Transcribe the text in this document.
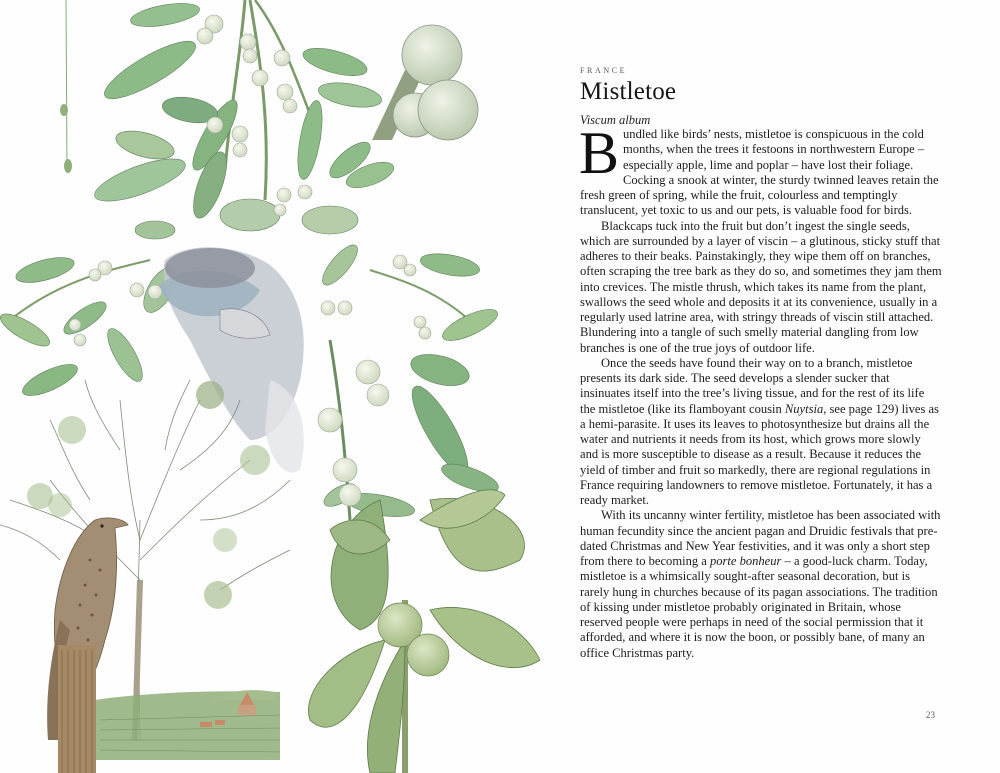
FRANCE
Mistletoe
Viscum album

Bundled like birds’ nests, mistletoe is conspicuous in the cold months, when the trees it festoons in northwestern Europe – especially apple, lime and poplar – have lost their foliage. Cocking a snook at winter, the sturdy twinned leaves retain the fresh green of spring, while the fruit, colourless and temptingly translucent, yet toxic to us and our pets, is valuable food for birds.

Blackcaps tuck into the fruit but don’t ingest the single seeds, which are surrounded by a layer of viscin – a glutinous, sticky stuff that adheres to their beaks. Painstakingly, they wipe them off on branches, often scraping the tree bark as they do so, and sometimes they jam them into crevices. The mistle thrush, which takes its name from the plant, swallows the seed whole and deposits it at its convenience, usually in a regularly used latrine area, with stringy threads of viscin still attached. Blundering into a tangle of such smelly material dangling from low branches is one of the true joys of outdoor life.

Once the seeds have found their way on to a branch, mistletoe presents its dark side. The seed develops a slender sucker that insinuates itself into the tree’s living tissue, and for the rest of its life the mistletoe (like its flamboyant cousin Nuytsia, see page 129) lives as a hemi-parasite. It uses its leaves to photosynthesize but drains all the water and nutrients it needs from its host, which grows more slowly and is more susceptible to disease as a result. Because it reduces the yield of timber and fruit so markedly, there are regional regulations in France requiring landowners to remove mistletoe. Fortunately, it has a ready market.

With its uncanny winter fertility, mistletoe has been associated with human fecundity since the ancient pagan and Druidic festivals that pre-dated Christmas and New Year festivities, and it was only a short step from there to becoming a porte bonheur – a good-luck charm. Today, mistletoe is a whimsically sought-after seasonal decoration, but is rarely hung in churches because of its pagan associations. The tradition of kissing under mistletoe probably originated in Britain, whose reserved people were perhaps in need of the social permission that it afforded, and where it is now the boon, or possibly bane, of many an office Christmas party.

23
